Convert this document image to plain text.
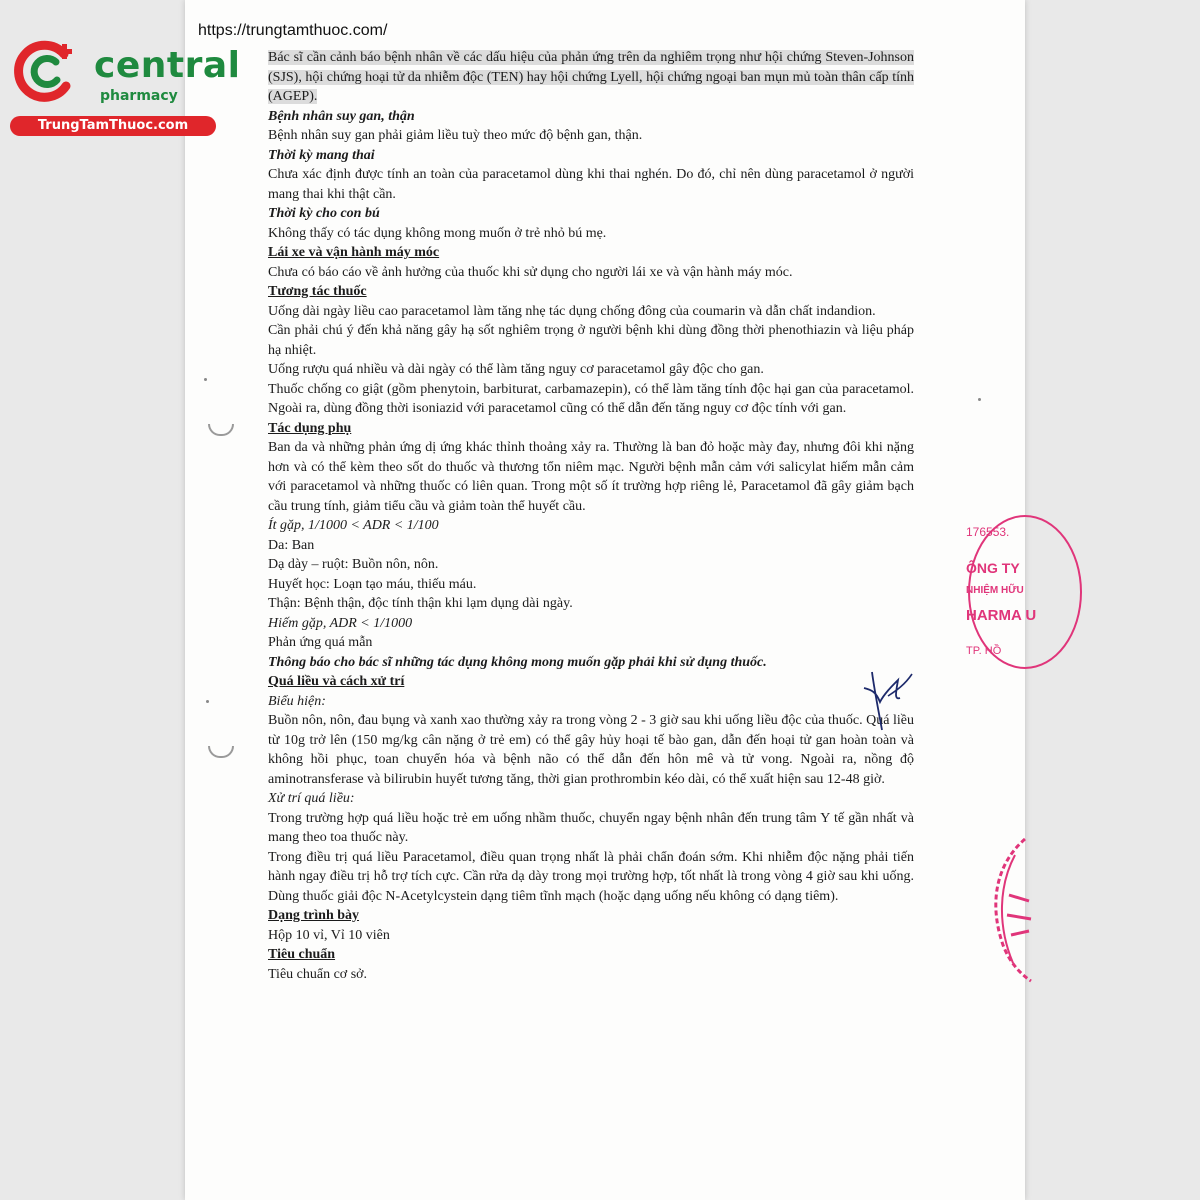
https://trungtamthuoc.com/
central
pharmacy
TrungTamThuoc.com

Bác sĩ cần cảnh báo bệnh nhân về các dấu hiệu của phản ứng trên da nghiêm trọng như hội chứng Steven-Johnson (SJS), hội chứng hoại tử da nhiễm độc (TEN) hay hội chứng Lyell, hội chứng ngoại ban mụn mủ toàn thân cấp tính (AGEP).

Bệnh nhân suy gan, thận

Bệnh nhân suy gan phải giảm liều tuỳ theo mức độ bệnh gan, thận.

Thời kỳ mang thai

Chưa xác định được tính an toàn của paracetamol dùng khi thai nghén. Do đó, chỉ nên dùng paracetamol ở người mang thai khi thật cần.

Thời kỳ cho con bú

Không thấy có tác dụng không mong muốn ở trẻ nhỏ bú mẹ.

Lái xe và vận hành máy móc

Chưa có báo cáo về ảnh hưởng của thuốc khi sử dụng cho người lái xe và vận hành máy móc.

Tương tác thuốc

Uống dài ngày liều cao paracetamol làm tăng nhẹ tác dụng chống đông của coumarin và dẫn chất indandion.

Cần phải chú ý đến khả năng gây hạ sốt nghiêm trọng ở người bệnh khi dùng đồng thời phenothiazin và liệu pháp hạ nhiệt.

Uống rượu quá nhiều và dài ngày có thể làm tăng nguy cơ paracetamol gây độc cho gan.

Thuốc chống co giật (gồm phenytoin, barbiturat, carbamazepin), có thể làm tăng tính độc hại gan của paracetamol. Ngoài ra, dùng đồng thời isoniazid với paracetamol cũng có thể dẫn đến tăng nguy cơ độc tính với gan.

Tác dụng phụ

Ban da và những phản ứng dị ứng khác thỉnh thoảng xảy ra. Thường là ban đỏ hoặc mày đay, nhưng đôi khi nặng hơn và có thể kèm theo sốt do thuốc và thương tổn niêm mạc. Người bệnh mẫn cảm với salicylat hiếm mẫn cảm với paracetamol và những thuốc có liên quan. Trong một số ít trường hợp riêng lẻ, Paracetamol đã gây giảm bạch cầu trung tính, giảm tiểu cầu và giảm toàn thể huyết cầu.

Ít gặp, 1/1000 < ADR < 1/100

Da: Ban

Dạ dày – ruột: Buồn nôn, nôn.

Huyết học: Loạn tạo máu, thiếu máu.

Thận: Bệnh thận, độc tính thận khi lạm dụng dài ngày.

Hiếm gặp, ADR < 1/1000

Phản ứng quá mẫn

Thông báo cho bác sĩ những tác dụng không mong muốn gặp phải khi sử dụng thuốc.

Quá liều và cách xử trí

Biểu hiện:

Buồn nôn, nôn, đau bụng và xanh xao thường xảy ra trong vòng 2 - 3 giờ sau khi uống liều độc của thuốc. Quá liều từ 10g trở lên (150 mg/kg cân nặng ở trẻ em) có thể gây hủy hoại tế bào gan, dẫn đến hoại tử gan hoàn toàn và không hồi phục, toan chuyển hóa và bệnh não có thể dẫn đến hôn mê và tử vong. Ngoài ra, nồng độ aminotransferase và bilirubin huyết tương tăng, thời gian prothrombin kéo dài, có thể xuất hiện sau 12-48 giờ.

Xử trí quá liều:

Trong trường hợp quá liều hoặc trẻ em uống nhầm thuốc, chuyển ngay bệnh nhân đến trung tâm Y tế gần nhất và mang theo toa thuốc này.

Trong điều trị quá liều Paracetamol, điều quan trọng nhất là phải chẩn đoán sớm. Khi nhiễm độc nặng phải tiến hành ngay điều trị hỗ trợ tích cực. Cần rửa dạ dày trong mọi trường hợp, tốt nhất là trong vòng 4 giờ sau khi uống. Dùng thuốc giải độc N-Acetylcystein dạng tiêm tĩnh mạch (hoặc dạng uống nếu không có dạng tiêm).

Dạng trình bày

Hộp 10 vỉ, Vỉ 10 viên

Tiêu chuẩn

Tiêu chuẩn cơ sở.

176553.
ÔNG TY
NHIỆM HỮU
HARMA U
TP. HỒ
